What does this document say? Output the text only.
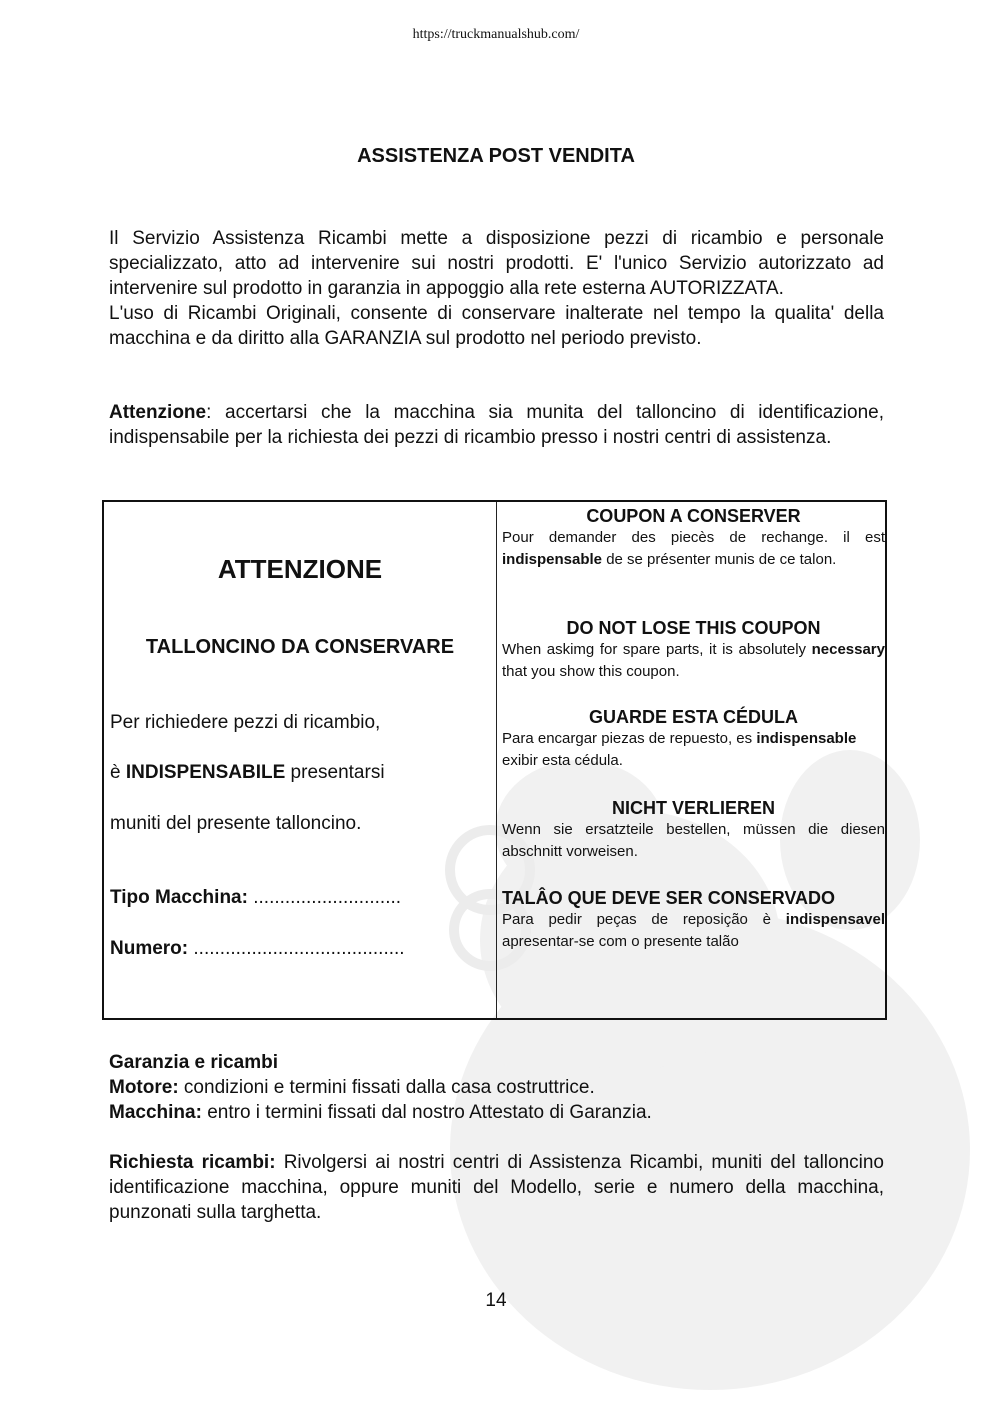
https://truckmanualshub.com/
ASSISTENZA POST VENDITA

Il Servizio Assistenza Ricambi mette a disposizione pezzi di ricambio e personale specializzato, atto ad intervenire sui nostri prodotti. E' l'unico Servizio autorizzato ad intervenire sul prodotto in garanzia in appoggio alla rete esterna AUTORIZZATA.

L'uso di Ricambi Originali, consente di conservare inalterate nel tempo la qualita' della macchina e da diritto alla GARANZIA sul prodotto nel periodo previsto.

Attenzione: accertarsi che la macchina sia munita del talloncino di identificazione, indispensabile per la richiesta dei pezzi di ricambio presso i nostri centri di assistenza.

ATTENZIONE
TALLONCINO DA CONSERVARE
Per richiedere pezzi di ricambio,
è INDISPENSABILE presentarsi
muniti del presente talloncino.
Tipo Macchina: ............................
Numero: ........................................
COUPON A CONSERVER
Pour demander des piecès de rechange. il est indispensable de se présenter munis de ce talon.
DO NOT LOSE THIS COUPON
When askimg for spare parts, it is absolutely necessary that you show this coupon.
GUARDE ESTA CÉDULA
Para encargar piezas de repuesto, es indispensable exibir esta cédula.
NICHT VERLIEREN
Wenn sie ersatzteile bestellen, müssen die diesen abschnitt vorweisen.
TALÂO QUE DEVE SER CONSERVADO
Para pedir peças de reposição è indispensavel apresentar-se com o presente talão
Garanzia e ricambi
Motore: condizioni e termini fissati dalla casa costruttrice.
Macchina: entro i termini fissati dal nostro Attestato di Garanzia.
Richiesta ricambi: Rivolgersi ai nostri centri di Assistenza Ricambi, muniti del talloncino identificazione macchina, oppure muniti del Modello, serie e numero della macchina, punzonati sulla targhetta.
14
